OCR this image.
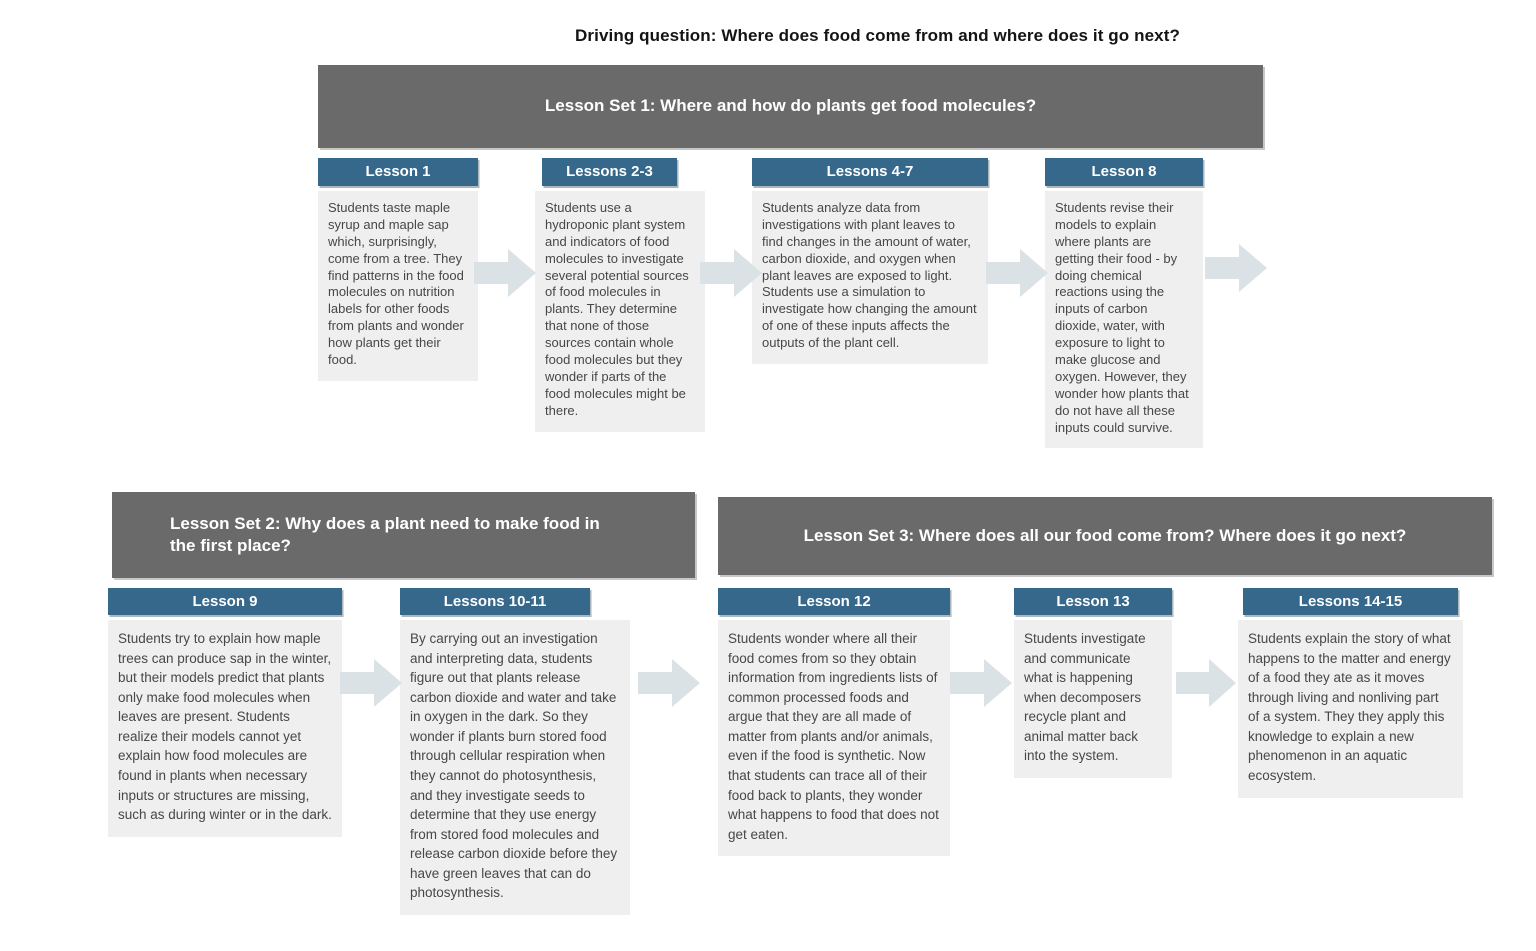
Driving question: Where does food come from and where does it go next?
Lesson Set 1: Where and how do plants get food molecules?
Lesson 1
Students taste maple syrup and maple sap which, surprisingly, come from a tree. They find patterns in the food molecules on nutrition labels for other foods from plants and wonder how plants get their food.
Lessons 2-3
Students use a hydroponic plant system and indicators of food molecules to investigate several potential sources of food molecules in plants. They determine that none of those sources contain whole food molecules but they wonder if parts of the food molecules might be there.
Lessons 4-7
Students analyze data from investigations with plant leaves to find changes in the amount of water, carbon dioxide, and oxygen when plant leaves are exposed to light. Students use a simulation to investigate how changing the amount of one of these inputs affects the outputs of the plant cell.
Lesson 8
Students revise their models to explain where plants are getting their food - by doing chemical reactions using the inputs of carbon dioxide, water, with exposure to light to make glucose and oxygen. However, they wonder how plants that do not have all these inputs could survive.
Lesson Set 2: Why does a plant need to make food in the first place?
Lesson 9
Students try to explain how maple trees can produce sap in the winter, but their models predict that plants only make food molecules when leaves are present. Students realize their models cannot yet explain how food molecules are found in plants when necessary inputs or structures are missing, such as during winter or in the dark.
Lessons 10-11
By carrying out an investigation and interpreting data, students figure out that plants release carbon dioxide and water and take in oxygen in the dark. So they wonder if plants burn stored food through cellular respiration when they cannot do photosynthesis, and they investigate seeds to determine that they use energy from stored food molecules and release carbon dioxide before they have green leaves that can do photosynthesis.
Lesson Set 3: Where does all our food come from? Where does it go next?
Lesson 12
Students wonder where all their food comes from so they obtain information from ingredients lists of common processed foods and argue that they are all made of matter from plants and/or animals, even if the food is synthetic. Now that students can trace all of their food back to plants, they wonder what happens to food that does not get eaten.
Lesson 13
Students investigate and communicate what is happening when decomposers recycle plant and animal matter back into the system.
Lessons 14-15
Students explain the story of what happens to the matter and energy of a food they ate as it moves through living and nonliving part of a system. They they apply this knowledge to explain a new phenomenon in an aquatic ecosystem.
